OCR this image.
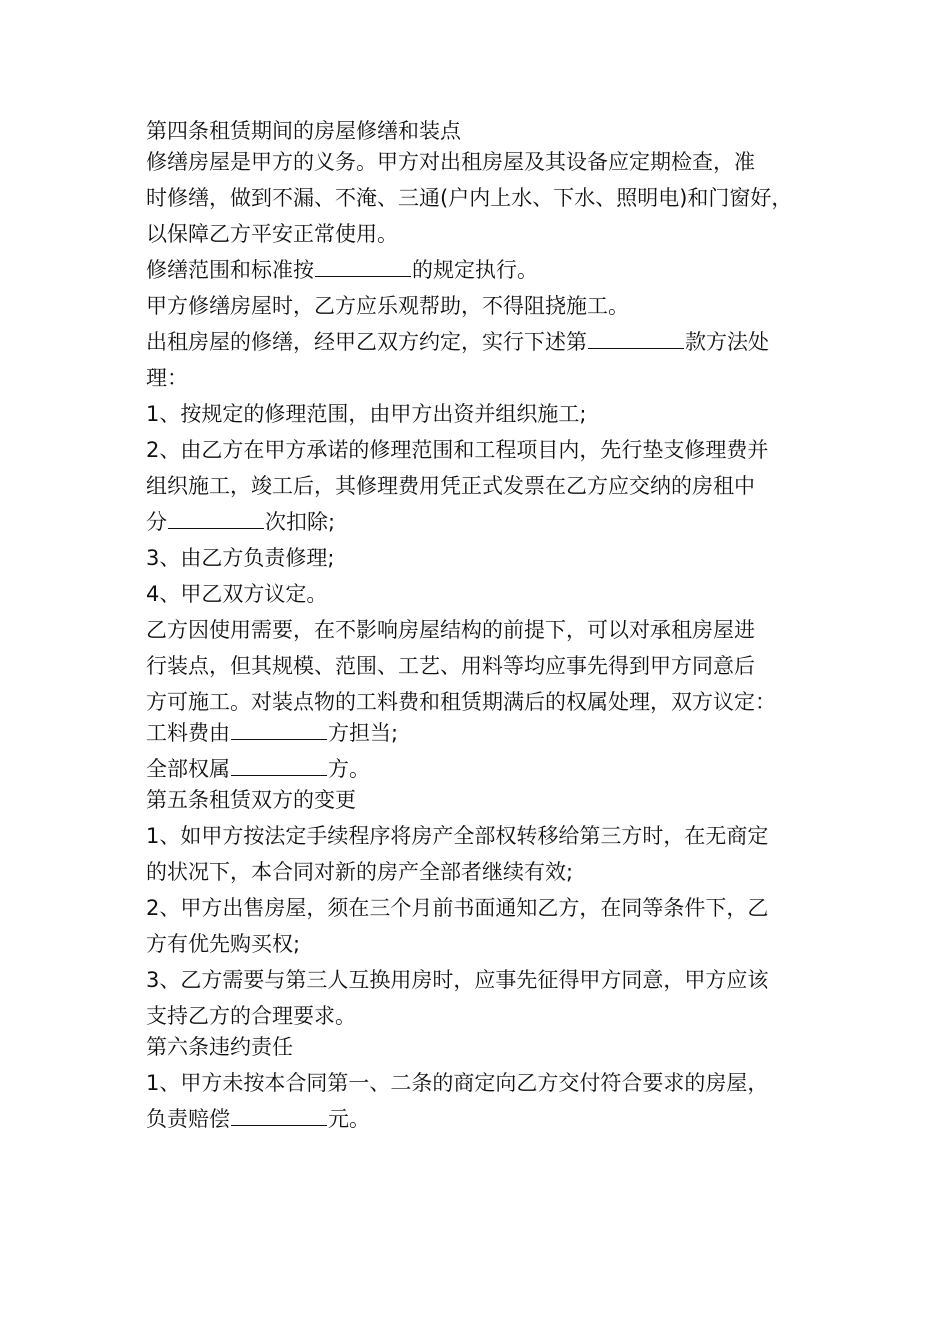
第四条租赁期间的房屋修缮和装点
修缮房屋是甲方的义务。甲方对出租房屋及其设备应定期检查，准
时修缮，做到不漏、不淹、三通(户内上水、下水、照明电)和门窗好，
以保障乙方平安正常使用。
修缮范围和标准按	的规定执行。
甲方修缮房屋时，乙方应乐观帮助，不得阻挠施工。
出租房屋的修缮，经甲乙双方约定，实行下述第	款方法处
理：
1、按规定的修理范围，由甲方出资并组织施工;
2、由乙方在甲方承诺的修理范围和工程项目内，先行垫支修理费并
组织施工，竣工后，其修理费用凭正式发票在乙方应交纳的房租中
分	次扣除;
3、由乙方负责修理;
4、甲乙双方议定。
乙方因使用需要，在不影响房屋结构的前提下，可以对承租房屋进
行装点，但其规模、范围、工艺、用料等均应事先得到甲方同意后
方可施工。对装点物的工料费和租赁期满后的权属处理，双方议定：
工料费由	方担当;
全部权属	方。
第五条租赁双方的变更
1、如甲方按法定手续程序将房产全部权转移给第三方时，在无商定
的状况下，本合同对新的房产全部者继续有效;
2、甲方出售房屋，须在三个月前书面通知乙方，在同等条件下，乙
方有优先购买权;
3、乙方需要与第三人互换用房时，应事先征得甲方同意，甲方应该
支持乙方的合理要求。
第六条违约责任
1、甲方未按本合同第一、二条的商定向乙方交付符合要求的房屋，
负责赔偿	元。
